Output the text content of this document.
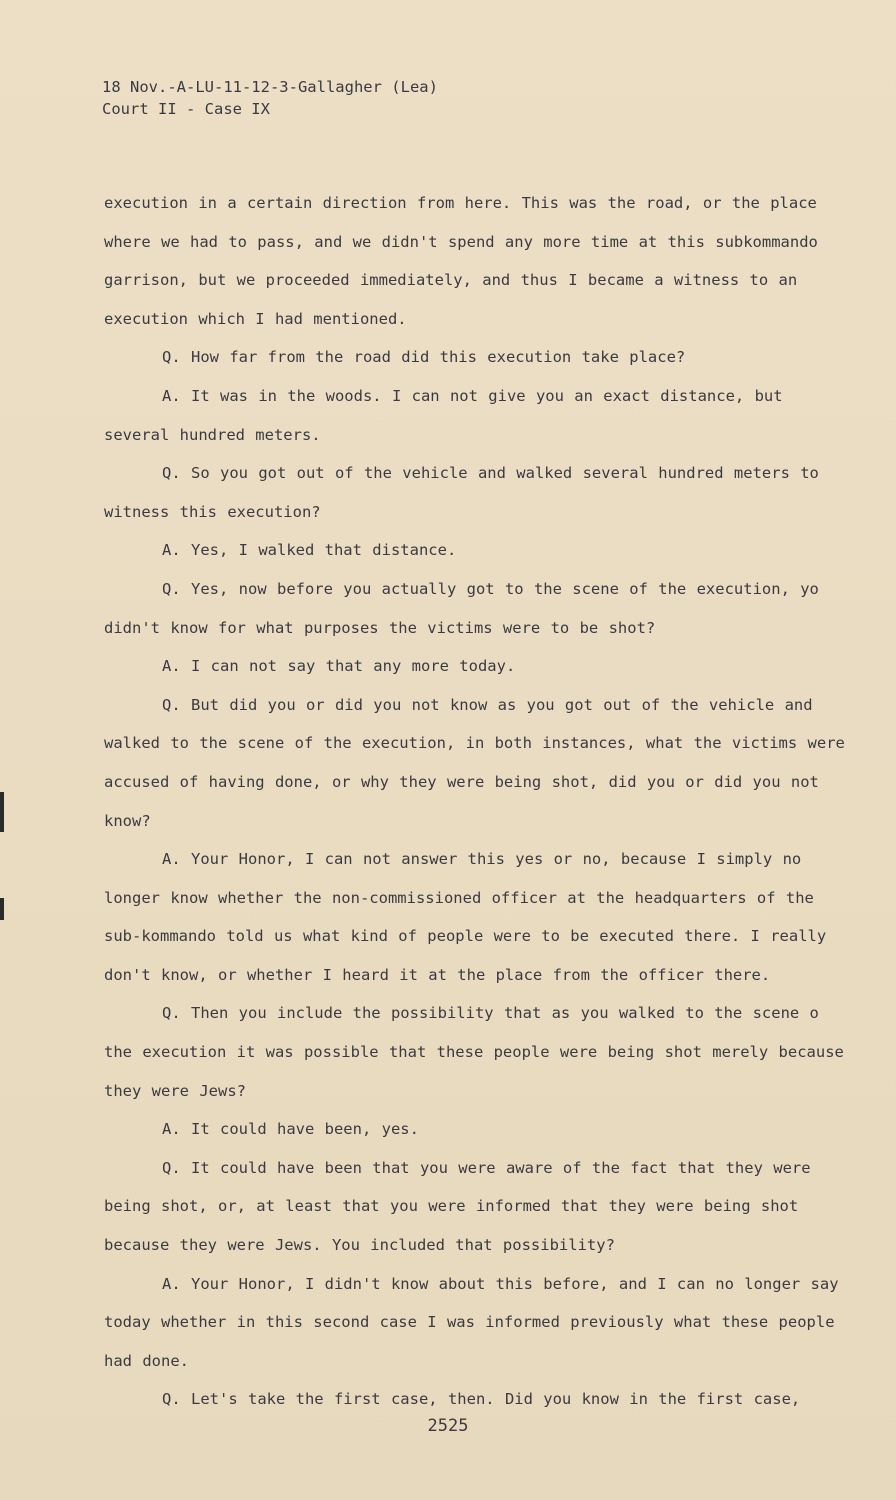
18 Nov.-A-LU-11-12-3-Gallagher (Lea)
Court II - Case IX

execution in a certain direction from here. This was the road, or the place where we had to pass, and we didn't spend any more time at this subkommando garrison, but we proceeded immediately, and thus I became a witness to an execution which I had mentioned.

Q. How far from the road did this execution take place?

A. It was in the woods. I can not give you an exact distance, but several hundred meters.

Q. So you got out of the vehicle and walked several hundred meters to witness this execution?

A. Yes, I walked that distance.

Q. Yes, now before you actually got to the scene of the execution, yo didn't know for what purposes the victims were to be shot?

A. I can not say that any more today.

Q. But did you or did you not know as you got out of the vehicle and walked to the scene of the execution, in both instances, what the victims were accused of having done, or why they were being shot, did you or did you not know?

A. Your Honor, I can not answer this yes or no, because I simply no longer know whether the non-commissioned officer at the headquarters of the sub-kommando told us what kind of people were to be executed there. I really don't know, or whether I heard it at the place from the officer there.

Q. Then you include the possibility that as you walked to the scene o the execution it was possible that these people were being shot merely because they were Jews?

A. It could have been, yes.

Q. It could have been that you were aware of the fact that they were being shot, or, at least that you were informed that they were being shot because they were Jews. You included that possibility?

A. Your Honor, I didn't know about this before, and I can no longer say today whether in this second case I was informed previously what these people had done.

Q. Let's take the first case, then. Did you know in the first case,

2525
